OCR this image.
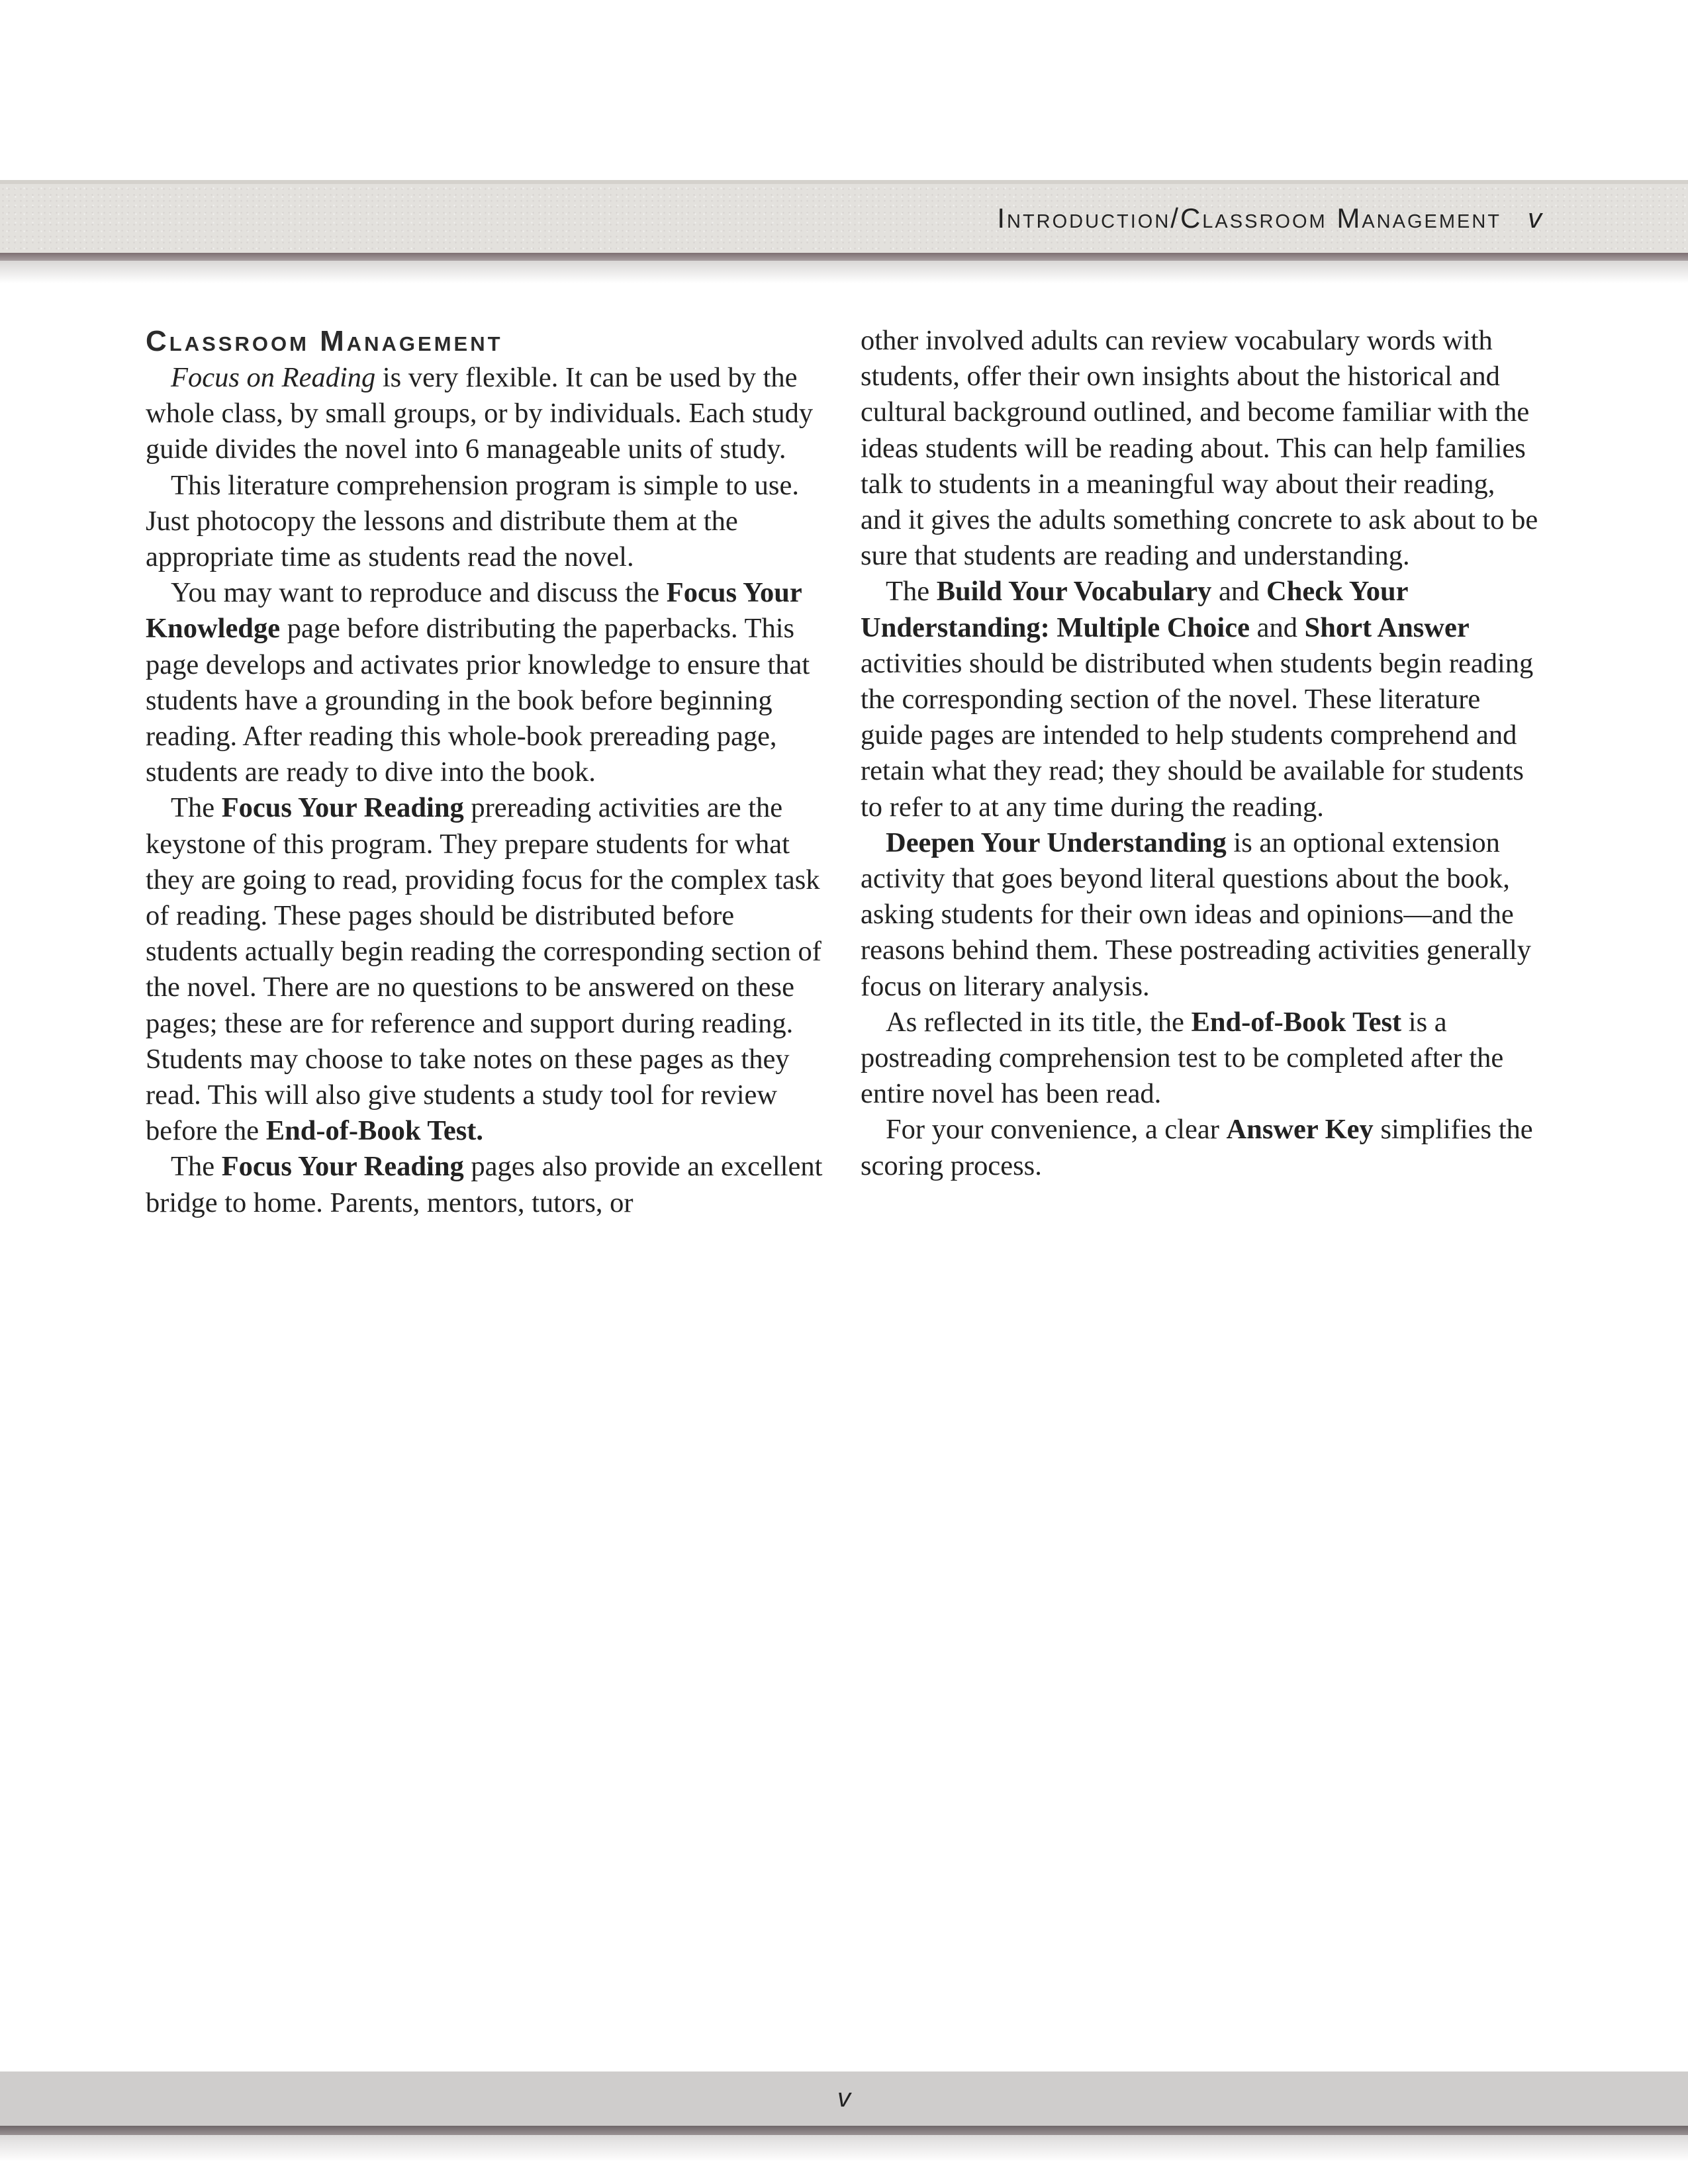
Introduction/Classroom Management v
Classroom Management

Focus on Reading is very flexible. It can be used by the whole class, by small groups, or by individuals. Each study guide divides the novel into 6 manageable units of study.

This literature comprehension program is simple to use. Just photocopy the lessons and distribute them at the appropriate time as students read the novel.

You may want to reproduce and discuss the Focus Your Knowledge page before distributing the paperbacks. This page develops and activates prior knowledge to ensure that students have a grounding in the book before beginning reading. After reading this whole-book prereading page, students are ready to dive into the book.

The Focus Your Reading prereading activities are the keystone of this program. They prepare students for what they are going to read, providing focus for the complex task of reading. These pages should be distributed before students actually begin reading the corresponding section of the novel. There are no questions to be answered on these pages; these are for reference and support during reading. Students may choose to take notes on these pages as they read. This will also give students a study tool for review before the End-of-Book Test.

The Focus Your Reading pages also provide an excellent bridge to home. Parents, mentors, tutors, or

other involved adults can review vocabulary words with students, offer their own insights about the historical and cultural background outlined, and become familiar with the ideas students will be reading about. This can help families talk to students in a meaningful way about their reading, and it gives the adults something concrete to ask about to be sure that students are reading and understanding.

The Build Your Vocabulary and Check Your Understanding: Multiple Choice and Short Answer activities should be distributed when students begin reading the corresponding section of the novel. These literature guide pages are intended to help students comprehend and retain what they read; they should be available for students to refer to at any time during the reading.

Deepen Your Understanding is an optional extension activity that goes beyond literal questions about the book, asking students for their own ideas and opinions—and the reasons behind them. These postreading activities generally focus on literary analysis.

As reflected in its title, the End-of-Book Test is a postreading comprehension test to be completed after the entire novel has been read.

For your convenience, a clear Answer Key simplifies the scoring process.

v
